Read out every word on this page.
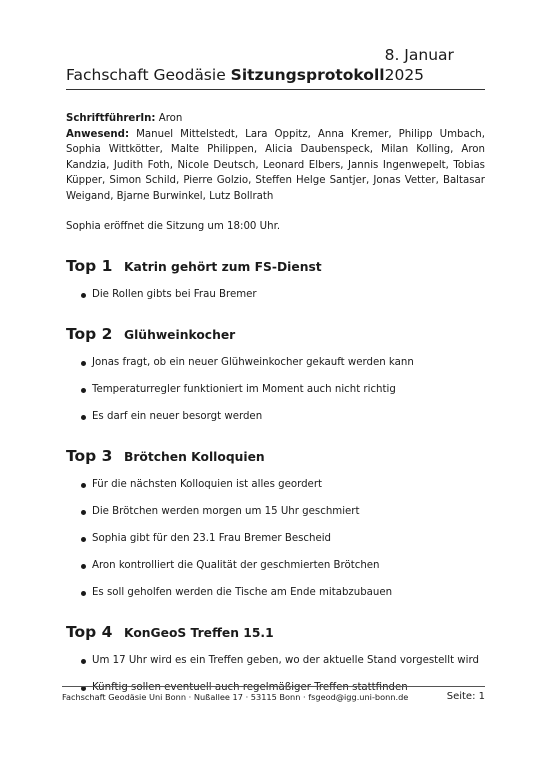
Fachschaft Geodäsie Sitzungsprotokoll
8. Januar 2025
SchriftführerIn: Aron
Anwesend: Manuel Mittelstedt, Lara Oppitz, Anna Kremer, Philipp Umbach, Sophia Wittkötter, Malte Philippen, Alicia Daubenspeck, Milan Kolling, Aron Kandzia, Judith Foth, Nicole Deutsch, Leonard Elbers, Jannis Ingenwepelt, Tobias Küpper, Simon Schild, Pierre Golzio, Steffen Helge Santjer, Jonas Vetter, Baltasar Weigand, Bjarne Burwinkel, Lutz Bollrath
Sophia eröffnet die Sitzung um 18:00 Uhr.
Top 1 Katrin gehört zum FS-Dienst
Die Rollen gibts bei Frau Bremer
Top 2 Glühweinkocher
Jonas fragt, ob ein neuer Glühweinkocher gekauft werden kann
Temperaturregler funktioniert im Moment auch nicht richtig
Es darf ein neuer besorgt werden
Top 3 Brötchen Kolloquien
Für die nächsten Kolloquien ist alles geordert
Die Brötchen werden morgen um 15 Uhr geschmiert
Sophia gibt für den 23.1 Frau Bremer Bescheid
Aron kontrolliert die Qualität der geschmierten Brötchen
Es soll geholfen werden die Tische am Ende mitabzubauen
Top 4 KonGeoS Treffen 15.1
Um 17 Uhr wird es ein Treffen geben, wo der aktuelle Stand vorgestellt wird
Künftig sollen eventuell auch regelmäßiger Treffen stattfinden
Fachschaft Geodäsie Uni Bonn · Nußallee 17 · 53115 Bonn · fsgeod@igg.uni-bonn.de	Seite: 1
